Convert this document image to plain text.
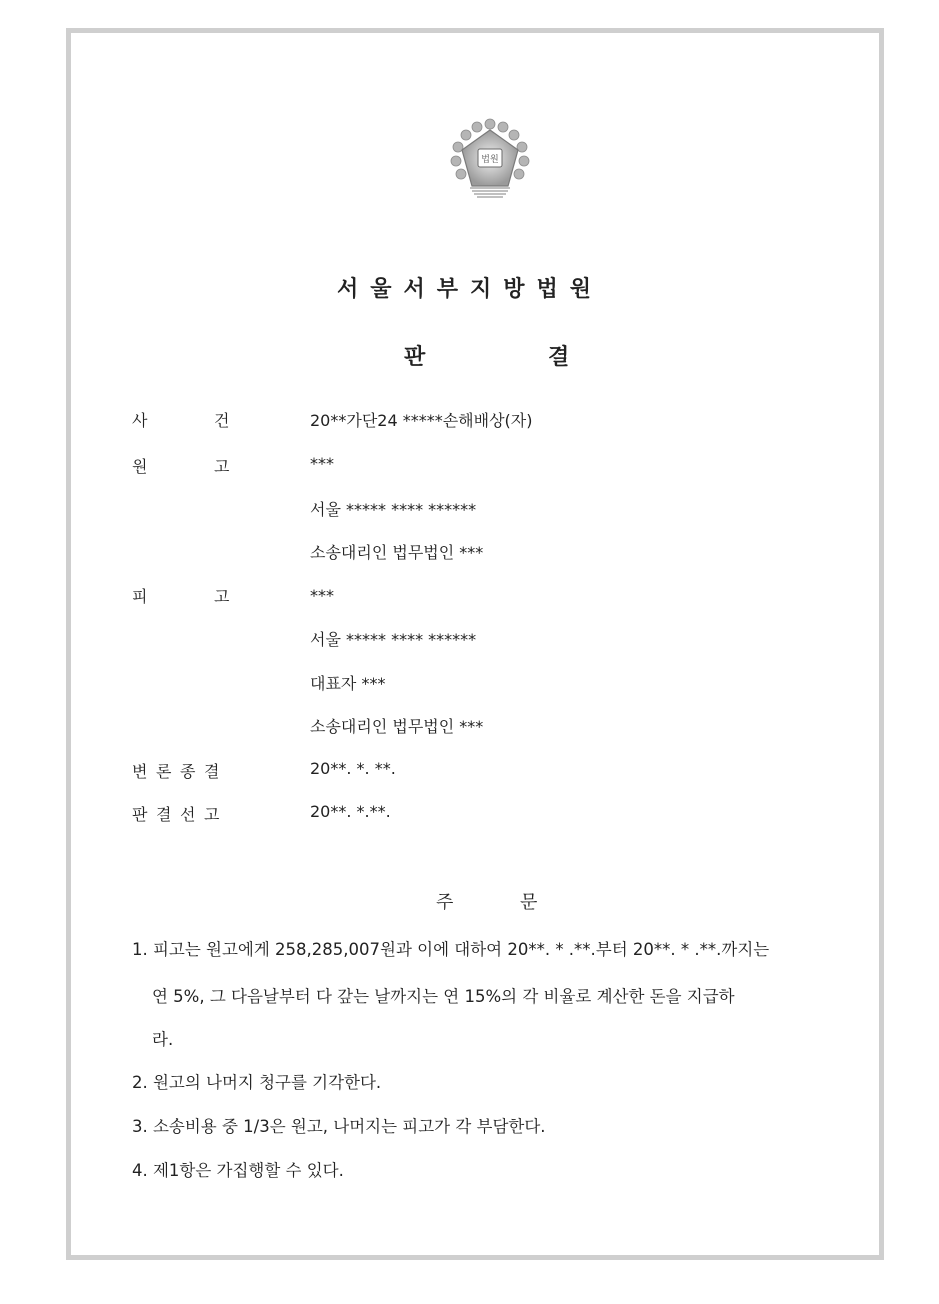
법원
서울서부지방법원
판	결
사	건	20**가단24 *****손해배상(자)
원	고	***
서울 ***** **** ******
소송대리인 법무법인 ***
피	고	***
서울 ***** **** ******
대표자 ***
소송대리인 법무법인 ***
변 론 종 결	20**. *. **.
판 결 선 고	20**. *.**.
주	문
1. 피고는 원고에게 258,285,007원과 이에 대하여 20**. * .**.부터 20**. * .**.까지는
연 5%, 그 다음날부터 다 갚는 날까지는 연 15%의 각 비율로 계산한 돈을 지급하
라.
2. 원고의 나머지 청구를 기각한다.
3. 소송비용 중 1/3은 원고, 나머지는 피고가 각 부담한다.
4. 제1항은 가집행할 수 있다.
